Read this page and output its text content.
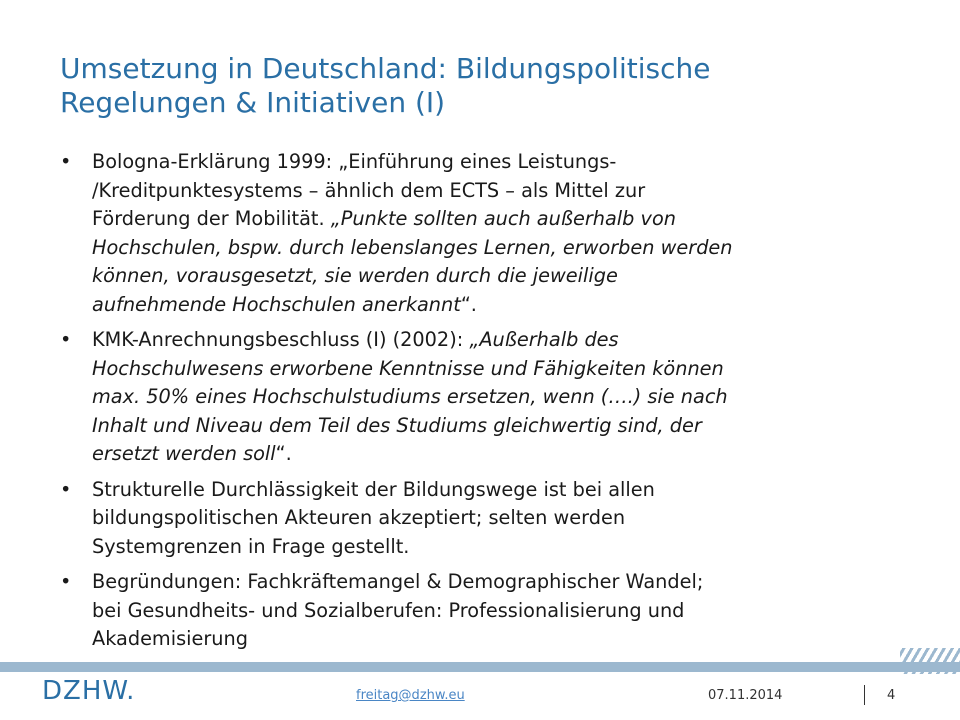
Umsetzung in Deutschland: Bildungspolitische
Regelungen & Initiativen (I)
•	Bologna-Erklärung 1999: „Einführung eines Leistungs-
/Kreditpunktesystems – ähnlich dem ECTS – als Mittel zur
Förderung der Mobilität. „Punkte sollten auch außerhalb von
Hochschulen, bspw. durch lebenslanges Lernen, erworben werden
können, vorausgesetzt, sie werden durch die jeweilige
aufnehmende Hochschulen anerkannt“.
•	KMK-Anrechnungsbeschluss (I) (2002): „Außerhalb des
Hochschulwesens erworbene Kenntnisse und Fähigkeiten können
max. 50% eines Hochschulstudiums ersetzen, wenn (….) sie nach
Inhalt und Niveau dem Teil des Studiums gleichwertig sind, der
ersetzt werden soll“.
•	Strukturelle Durchlässigkeit der Bildungswege ist bei allen
bildungspolitischen Akteuren akzeptiert; selten werden
Systemgrenzen in Frage gestellt.
•	Begründungen: Fachkräftemangel & Demographischer Wandel;
bei Gesundheits- und Sozialberufen: Professionalisierung und
Akademisierung
DZHW.	freitag@dzhw.eu	07.11.2014	4
